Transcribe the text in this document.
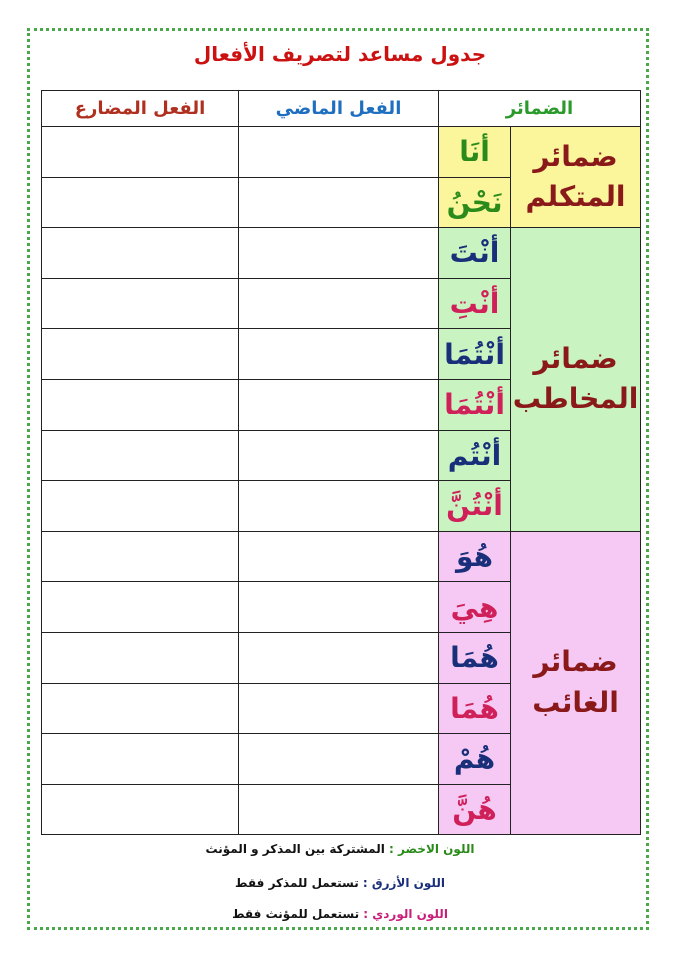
جدول مساعد لتصريف الأفعال
الضمائر		الفعل الماضي	الفعل المضارع

ضمائر
المتكلم	أنَا		
	نَحْنُ		

ضمائر
المخاطب	أنْتَ		
	أنْتِ		
	أنْتُمَا		
	أنْتُمَا		
	أنْتُم		
	أنْتُنَّ		

ضمائر
الغائب	هُوَ		
	هِيَ		
	هُمَا		
	هُمَا		
	هُمْ		
	هُنَّ		
اللون الاخضر : المشتركة بين المذكر و المؤنث
اللون الأزرق : تستعمل للمذكر فقط
اللون الوردي : تستعمل للمؤنث فقط
